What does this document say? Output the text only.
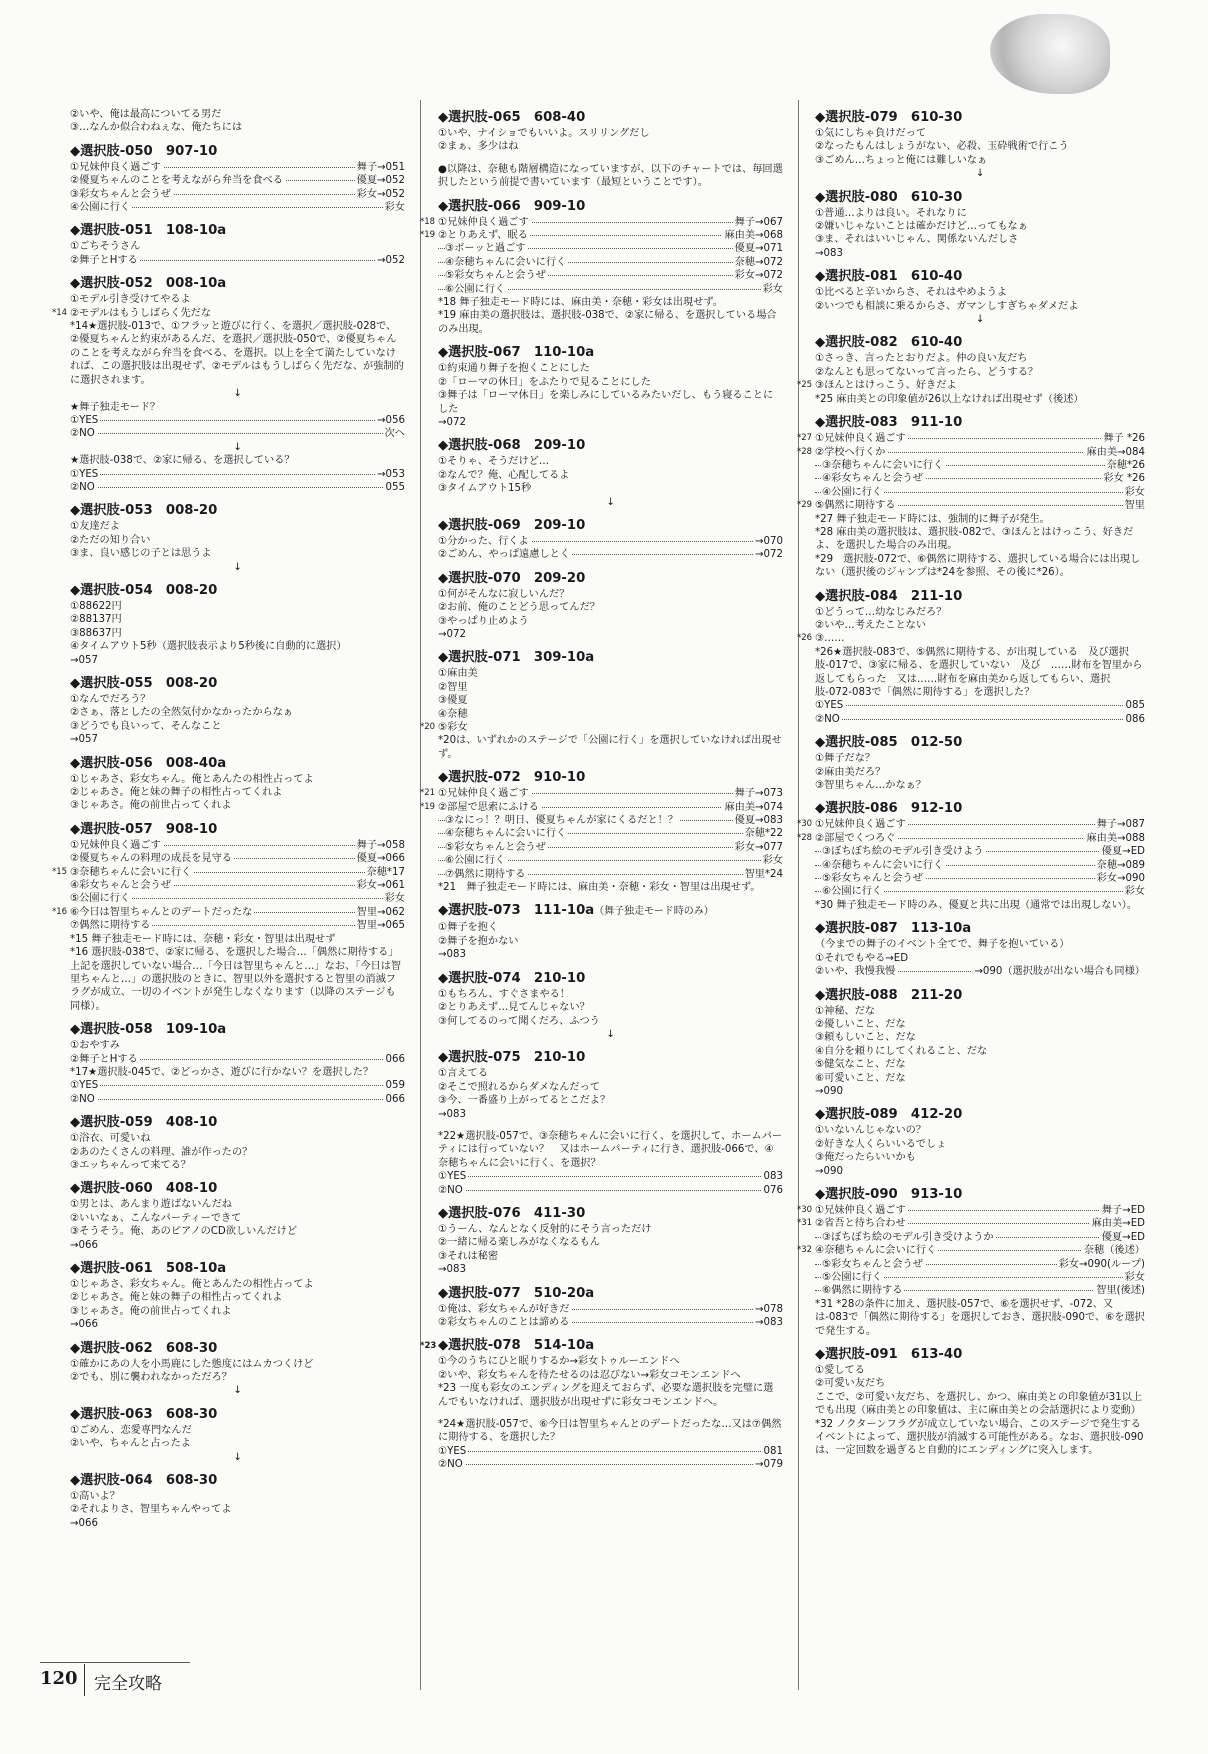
②いや、俺は最高についてる男だ
③…なんか似合わねぇな、俺たちには
◆選択肢-050　907-10
①兄妹仲良く過ごす	舞子→051
②優夏ちゃんのことを考えながら弁当を食べる	優夏→052
③彩女ちゃんと会うぜ	彩女→052
④公園に行く	彩女
◆選択肢-051　108-10a
①ごちそうさん
②舞子とHする	→052
◆選択肢-052　008-10a
①モデル引き受けてやるよ
*14 ②モデルはもうしばらく先だな
*14★選択肢-013で、①フラッと遊びに行く、を選択／選択肢-028で、②優夏ちゃんと約束があるんだ、を選択／選択肢-050で、②優夏ちゃんのことを考えながら弁当を食べる、を選択。以上を全て満たしていなければ、この選択肢は出現せず、②モデルはもうしばらく先だな、が強制的に選択されます。
↓
★舞子独走モード？
①YES	→056
②NO	次へ
↓
★選択肢-038で、②家に帰る、を選択している？
①YES	→053
②NO	055
◆選択肢-053　008-20
①友達だよ
②ただの知り合い
③ま、良い感じの子とは思うよ
↓
◆選択肢-054　008-20
①88622円
②88137円
③88637円
④タイムアウト5秒（選択肢表示より5秒後に自動的に選択）
→057
◆選択肢-055　008-20
①なんでだろう？
②さぁ、落としたの全然気付かなかったからなぁ
③どうでも良いって、そんなこと
→057
◆選択肢-056　008-40a
①じゃあさ、彩女ちゃん。俺とあんたの相性占ってよ
②じゃあさ。俺と妹の舞子の相性占ってくれよ
③じゃあさ。俺の前世占ってくれよ
◆選択肢-057　908-10
①兄妹仲良く過ごす	舞子→058
②優夏ちゃんの料理の成長を見守る	優夏→066
*15 ③奈穂ちゃんに会いに行く	奈穂*17
④彩女ちゃんと会うぜ	彩女→061
⑤公園に行く	彩女
*16 ⑥今日は智里ちゃんとのデートだったな	智里→062
⑦偶然に期待する	智里→065
*15 舞子独走モード時には、奈穂・彩女・智里は出現せず
*16 選択肢-038で、②家に帰る、を選択した場合…「偶然に期待する」上記を選択していない場合…「今日は智里ちゃんと…」なお、「今日は智里ちゃんと…」の選択肢のときに、智里以外を選択すると智里の消滅フラグが成立、一切のイベントが発生しなくなります（以降のステージも同様）。
◆選択肢-058　109-10a
①おやすみ
②舞子とHする	066
*17★選択肢-045で、②どっかさ、遊びに行かない？を選択した？
①YES	059
②NO	066
◆選択肢-059　408-10
①浴衣、可愛いね
②あのたくさんの料理、誰が作ったの？
③エッちゃんって来てる？
◆選択肢-060　408-10
①男とは、あんまり遊ばないんだね
②いいなぁ、こんなパーティーできて
③そうそう。俺、あのピアノのCD欲しいんだけど
→066
◆選択肢-061　508-10a
①じゃあさ、彩女ちゃん。俺とあんたの相性占ってよ
②じゃあさ。俺と妹の舞子の相性占ってくれよ
③じゃあさ。俺の前世占ってくれよ
→066
◆選択肢-062　608-30
①確かにあの人を小馬鹿にした態度にはムカつくけど
②でも、別に襲われなかっただろ？
↓
◆選択肢-063　608-30
①ごめん、恋愛専門なんだ
②いや、ちゃんと占ったよ
↓
◆選択肢-064　608-30
①高いよ？
②それよりさ、智里ちゃんやってよ
→066
◆選択肢-065　608-40
①いや、ナイショでもいいよ。スリリングだし
②まぁ、多少はね
●以降は、奈穂も階層構造になっていますが、以下のチャートでは、毎回選択したという前提で書いています（最短ということです）。
◆選択肢-066　909-10
*18 ①兄妹仲良く過ごす	舞子→067
*19 ②とりあえず、眠る	麻由美→068
③ボーッと過ごす	優夏→071
④奈穂ちゃんに会いに行く	奈穂→072
⑤彩女ちゃんと会うぜ	彩女→072
⑥公園に行く	彩女
*18 舞子独走モード時には、麻由美・奈穂・彩女は出現せず。
*19 麻由美の選択肢は、選択肢-038で、②家に帰る、を選択している場合のみ出現。
◆選択肢-067　110-10a
①約束通り舞子を抱くことにした
②「ローマの休日」をふたりで見ることにした
③舞子は「ローマ休日」を楽しみにしているみたいだし、もう寝ることにした
→072
◆選択肢-068　209-10
①そりゃ、そうだけど…
②なんで？俺、心配してるよ
③タイムアウト15秒
↓
◆選択肢-069　209-10
①分かった、行くよ	→070
②ごめん、やっぱ遠慮しとく	→072
◆選択肢-070　209-20
①何がそんなに寂しいんだ？
②お前、俺のことどう思ってんだ？
③やっぱり止めよう
→072
◆選択肢-071　309-10a
①麻由美
②智里
③優夏
④奈穂
*20 ⑤彩女
*20は、いずれかのステージで「公園に行く」を選択していなければ出現せず。
◆選択肢-072　910-10
*21 ①兄妹仲良く過ごす	舞子→073
*19 ②部屋で思索にふける	麻由美→074
③なにっ！？明日、優夏ちゃんが家にくるだと！？	優夏→083
④奈穂ちゃんに会いに行く	奈穂*22
⑤彩女ちゃんと会うぜ	彩女→077
⑥公園に行く	彩女
⑦偶然に期待する	智里*24
*21　舞子独走モード時には、麻由美・奈穂・彩女・智里は出現せず。
◆選択肢-073　111-10a（舞子独走モード時のみ）
①舞子を抱く
②舞子を抱かない
→083
◆選択肢-074　210-10
①もちろん、すぐさまやる！
②とりあえず…見てんじゃない？
③何してるのって聞くだろ、ふつう
↓
◆選択肢-075　210-10
①言えてる
②そこで照れるからダメなんだって
③今、一番盛り上がってるとこだよ？
→083
*22★選択肢-057で、③奈穂ちゃんに会いに行く、を選択して、ホームパーティには行っていない？　又はホームパーティに行き、選択肢-066で、④奈穂ちゃんに会いに行く、を選択？
①YES	083
②NO	076
◆選択肢-076　411-30
①うーん、なんとなく反射的にそう言っただけ
②一緒に帰る楽しみがなくなるもん
③それは秘密
→083
◆選択肢-077　510-20a
①俺は、彩女ちゃんが好きだ	→078
②彩女ちゃんのことは諦める	→083
*23 ◆選択肢-078　514-10a
①今のうちにひと眠りするか→彩女トゥルーエンドへ
②いや、彩女ちゃんを待たせるのは忍びない→彩女コモンエンドへ
*23 一度も彩女のエンディングを迎えておらず、必要な選択肢を完璧に選んでもいなければ、選択肢が出現せずに彩女コモンエンドへ。
*24★選択肢-057で、⑥今日は智里ちゃんとのデートだったな…又は⑦偶然に期待する、を選択した？
①YES	081
②NO	→079
◆選択肢-079　610-30
①気にしちゃ負けだって
②なったもんはしょうがない、必殺、玉砕戦術で行こう
③ごめん…ちょっと俺には難しいなぁ
↓
◆選択肢-080　610-30
①普通…よりは良い。それなりに
②嫌いじゃないことは確かだけど…ってもなぁ
③ま、それはいいじゃん、関係ないんだしさ
→083
◆選択肢-081　610-40
①比べると辛いからさ、それはやめようよ
②いつでも相談に乗るからさ、ガマンしすぎちゃダメだよ
↓
◆選択肢-082　610-40
①さっき、言ったとおりだよ。仲の良い友だち
②なんとも思ってないって言ったら、どうする？
*25 ③ほんとはけっこう、好きだよ
*25 麻由美との印象値が26以上なければ出現せず（後述）
◆選択肢-083　911-10
*27 ①兄妹仲良く過ごす	舞子 *26
*28 ②学校へ行くか	麻由美→084
③奈穂ちゃんに会いに行く	奈穂*26
④彩女ちゃんと会うぜ	彩女 *26
④公園に行く	彩女
*29 ⑤偶然に期待する	智里
*27 舞子独走モード時には、強制的に舞子が発生。
*28 麻由美の選択肢は、選択肢-082で、③ほんとはけっこう、好きだよ、を選択した場合のみ出現。
*29　選択肢-072で、⑥偶然に期待する、選択している場合には出現しない（選択後のジャンプは*24を参照、その後に*26）。
◆選択肢-084　211-10
①どうって…幼なじみだろ？
②いや…考えたことない
*26 ③……
*26★選択肢-083で、⑤偶然に期待する、が出現している　及び選択肢-017で、③家に帰る、を選択していない　及び　……財布を智里から返してもらった　又は……財布を麻由美から返してもらい、選択肢-072-083で「偶然に期待する」を選択した？
①YES	085
②NO	086
◆選択肢-085　012-50
①舞子だな？
②麻由美だろ？
③智里ちゃん…かなぁ？
◆選択肢-086　912-10
*30 ①兄妹仲良く過ごす	舞子→087
*28 ②部屋でくつろぐ	麻由美→088
③ぼちぼち絵のモデル引き受けよう	優夏→ED
④奈穂ちゃんに会いに行く	奈穂→089
⑤彩女ちゃんと会うぜ	彩女→090
⑥公園に行く	彩女
*30 舞子独走モード時のみ、優夏と共に出現（通常では出現しない）。
◆選択肢-087　113-10a
（今までの舞子のイベント全てで、舞子を抱いている）
①それでもやる→ED
②いや、我慢我慢	→090（選択肢が出ない場合も同様）
◆選択肢-088　211-20
①神秘、だな
②優しいこと、だな
③頼もしいこと、だな
④自分を頼りにしてくれること、だな
⑤健気なこと、だな
⑥可愛いこと、だな
→090
◆選択肢-089　412-20
①いないんじゃないの？
②好きな人くらいいるでしょ
③俺だったらいいかも
→090
◆選択肢-090　913-10
*30 ①兄妹仲良く過ごす	舞子→ED
*31 ②省吾と待ち合わせ	麻由美→ED
③ぼちぼち絵のモデル引き受けようか	優夏→ED
*32 ④奈穂ちゃんに会いに行く	奈穂（後述）
⑤彩女ちゃんと会うぜ	彩女→090(ループ)
⑤公園に行く	彩女
⑥偶然に期待する	智里(後述)
*31 *28の条件に加え、選択肢-057で、⑥を選択せず、-072、又は-083で「偶然に期待する」を選択しておき、選択肢-090で、⑥を選択で発生する。
◆選択肢-091　613-40
①愛してる
②可愛い友だち
ここで、②可愛い友だち、を選択し、かつ、麻由美との印象値が31以上でも出現（麻由美との印象値は、主に麻由美との会話選択により変動）*32 ノクターンフラグが成立していない場合、このステージで発生するイベントによって、選択肢が消滅する可能性がある。なお、選択肢-090は、一定回数を過ぎると自動的にエンディングに突入します。
120 完全攻略
